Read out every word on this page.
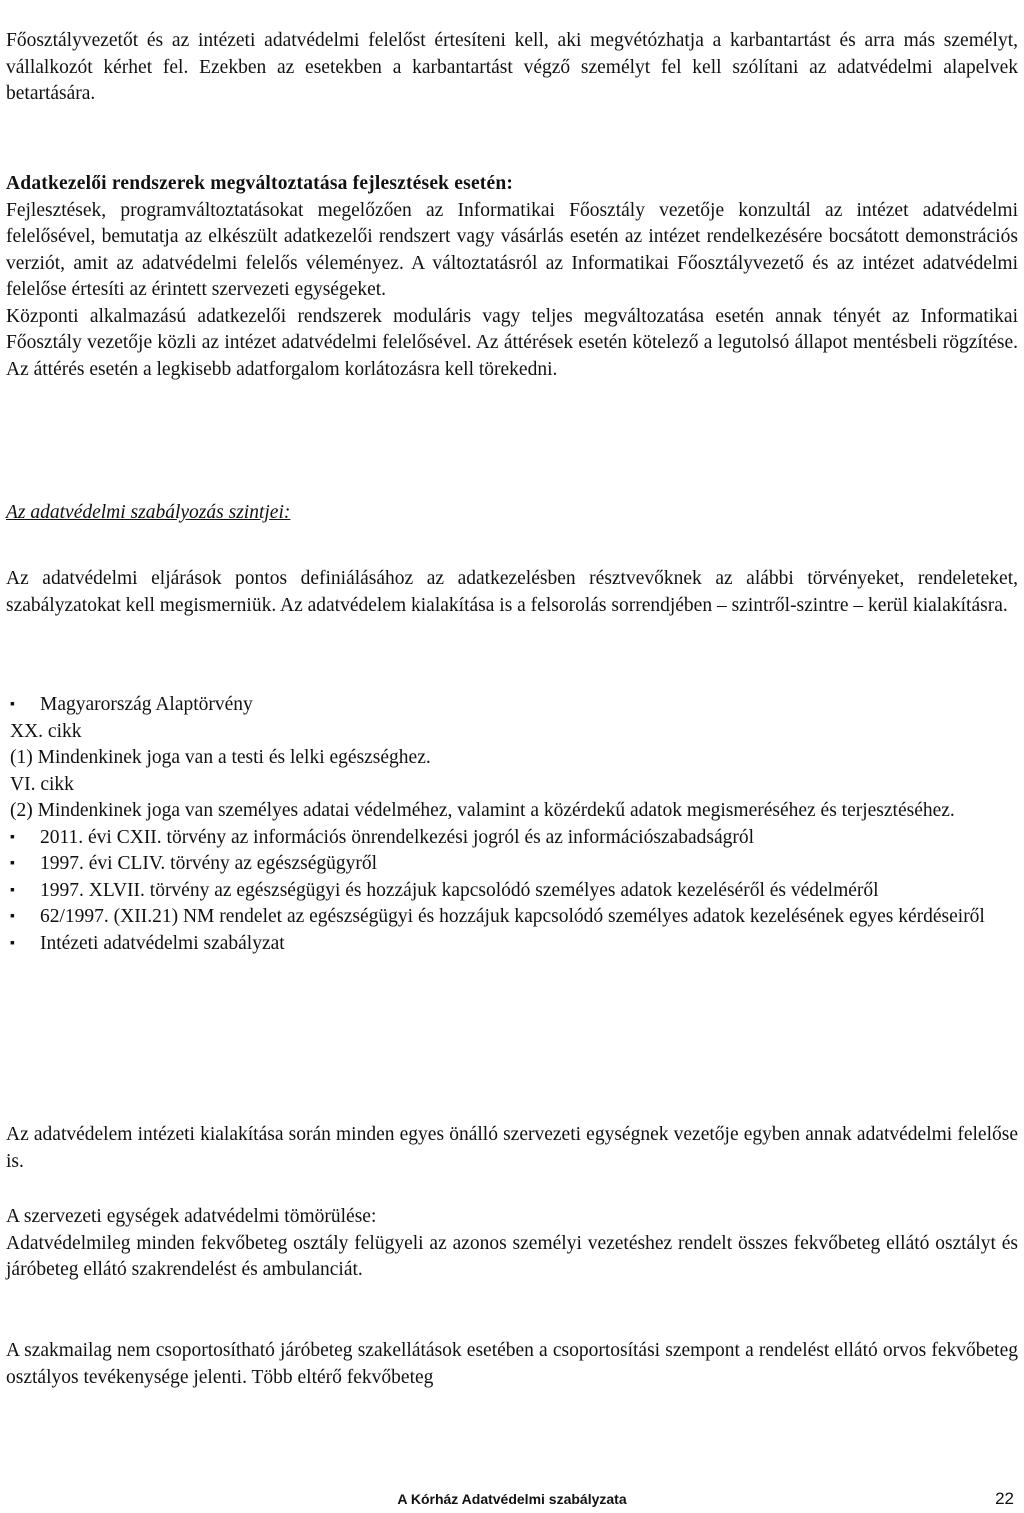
Főosztályvezetőt és az intézeti adatvédelmi felelőst értesíteni kell, aki megvétózhatja a karbantartást és arra más személyt, vállalkozót kérhet fel. Ezekben az esetekben a karbantartást végző személyt fel kell szólítani az adatvédelmi alapelvek betartására.

Adatkezelői rendszerek megváltoztatása fejlesztések esetén:

Fejlesztések, programváltoztatásokat megelőzően az Informatikai Főosztály vezetője konzultál az intézet adatvédelmi felelősével, bemutatja az elkészült adatkezelői rendszert vagy vásárlás esetén az intézet rendelkezésére bocsátott demonstrációs verziót, amit az adatvédelmi felelős véleményez. A változtatásról az Informatikai Főosztályvezető és az intézet adatvédelmi felelőse értesíti az érintett szervezeti egységeket.

Központi alkalmazású adatkezelői rendszerek moduláris vagy teljes megváltozatása esetén annak tényét az Informatikai Főosztály vezetője közli az intézet adatvédelmi felelősével. Az áttérések esetén kötelező a legutolsó állapot mentésbeli rögzítése. Az áttérés esetén a legkisebb adatforgalom korlátozásra kell törekedni.

Az adatvédelmi szabályozás szintjei:

Az adatvédelmi eljárások pontos definiálásához az adatkezelésben résztvevőknek az alábbi törvényeket, rendeleteket, szabályzatokat kell megismerniük. Az adatvédelem kialakítása is a felsorolás sorrendjében – szintről-szintre – kerül kialakításra.

▪	Magyarország Alaptörvény
XX. cikk
(1) Mindenkinek joga van a testi és lelki egészséghez.
VI. cikk
(2) Mindenkinek joga van személyes adatai védelméhez, valamint a közérdekű adatok megismeréséhez és terjesztéséhez.
▪	2011. évi CXII. törvény az információs önrendelkezési jogról és az információszabadságról
▪	1997. évi CLIV. törvény az egészségügyről
▪	1997. XLVII. törvény az egészségügyi és hozzájuk kapcsolódó személyes adatok kezeléséről és védelméről
▪	62/1997. (XII.21) NM rendelet az egészségügyi és hozzájuk kapcsolódó személyes adatok kezelésének egyes kérdéseiről
▪	Intézeti adatvédelmi szabályzat

Az adatvédelem intézeti kialakítása során minden egyes önálló szervezeti egységnek vezetője egyben annak adatvédelmi felelőse is.

A szervezeti egységek adatvédelmi tömörülése:

Adatvédelmileg minden fekvőbeteg osztály felügyeli az azonos személyi vezetéshez rendelt összes fekvőbeteg ellátó osztályt és járóbeteg ellátó szakrendelést és ambulanciát.

A szakmailag nem csoportosítható járóbeteg szakellátások esetében a csoportosítási szempont a rendelést ellátó orvos fekvőbeteg osztályos tevékenysége jelenti. Több eltérő fekvőbeteg

A Kórház Adatvédelmi szabályzata	22
